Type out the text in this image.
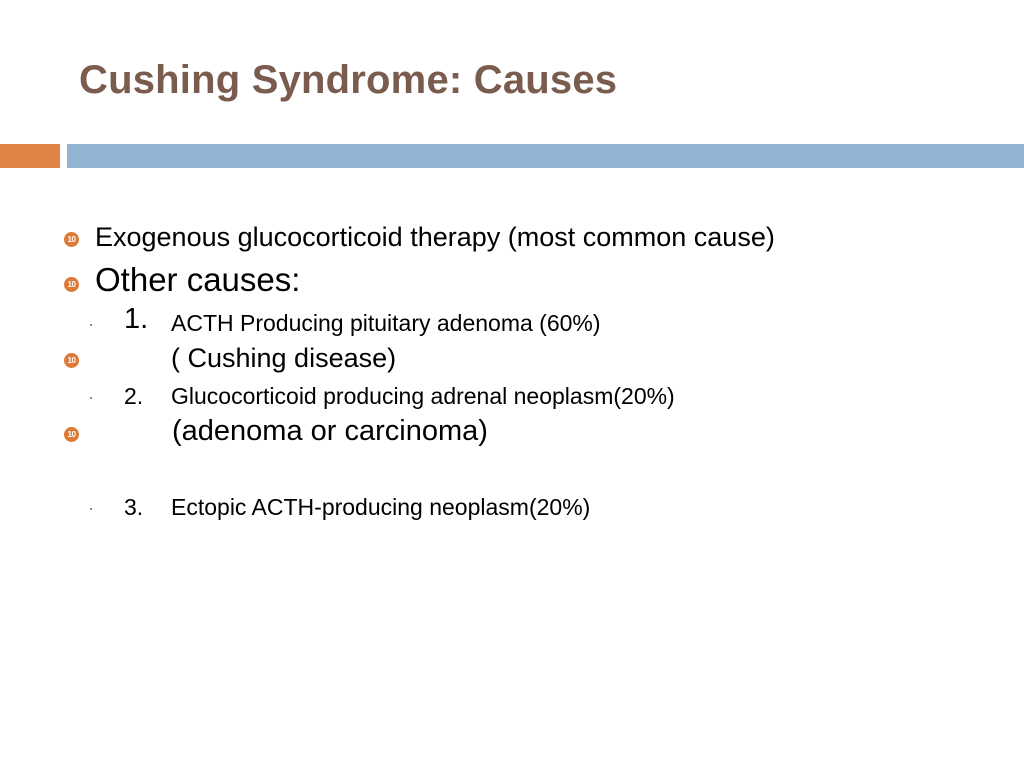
Cushing Syndrome: Causes
10 Exogenous glucocorticoid therapy (most common cause)
10 Other causes:
1. ACTH Producing pituitary adenoma (60%)
10	( Cushing disease)
2. Glucocorticoid producing adrenal neoplasm(20%)
10	(adenoma or carcinoma)
3. Ectopic ACTH-producing neoplasm(20%)
